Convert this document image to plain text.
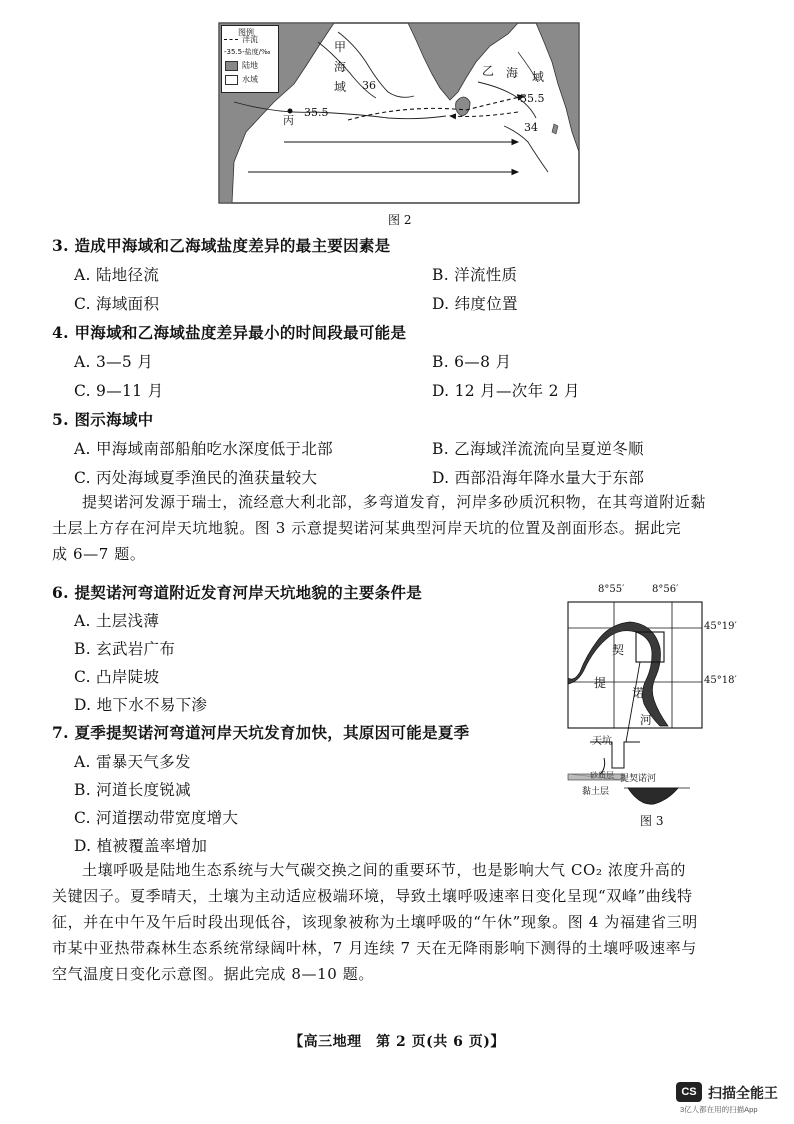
图例
洋流
-35.5-盐度/‰
陆地
水域
甲
海
域
乙 海 域
丙
36
35.5
35.5
34
图 2
3. 造成甲海域和乙海域盐度差异的最主要因素是
A. 陆地径流	B. 洋流性质
C. 海域面积	D. 纬度位置
4. 甲海域和乙海域盐度差异最小的时间段最可能是
A. 3—5 月	B. 6—8 月
C. 9—11 月	D. 12 月—次年 2 月
5. 图示海域中
A. 甲海域南部船舶吃水深度低于北部	B. 乙海域洋流流向呈夏逆冬顺
C. 丙处海域夏季渔民的渔获量较大	D. 西部沿海年降水量大于东部
提契诺河发源于瑞士，流经意大利北部，多弯道发育，河岸多砂质沉积物，在其弯道附近黏
土层上方存在河岸天坑地貌。图 3 示意提契诺河某典型河岸天坑的位置及剖面形态。据此完
成 6—7 题。
6. 提契诺河弯道附近发育河岸天坑地貌的主要条件是
A. 土层浅薄
B. 玄武岩广布
C. 凸岸陡坡
D. 地下水不易下渗
7. 夏季提契诺河弯道河岸天坑发育加快，其原因可能是夏季
A. 雷暴天气多发
B. 河道长度锐减
C. 河道摆动带宽度增大
D. 植被覆盖率增加
8°55′	8°56′
45°19′
45°18′
契
提
诺
河
天坑
提契诺河
砂质层
黏土层
图 3
土壤呼吸是陆地生态系统与大气碳交换之间的重要环节，也是影响大气 CO₂ 浓度升高的
关键因子。夏季晴天，土壤为主动适应极端环境，导致土壤呼吸速率日变化呈现“双峰”曲线特
征，并在中午及午后时段出现低谷，该现象被称为土壤呼吸的“午休”现象。图 4 为福建省三明
市某中亚热带森林生态系统常绿阔叶林，7 月连续 7 天在无降雨影响下测得的土壤呼吸速率与
空气温度日变化示意图。据此完成 8—10 题。
【高三地理　第 2 页(共 6 页)】
CS 扫描全能王
3亿人都在用的扫描App
